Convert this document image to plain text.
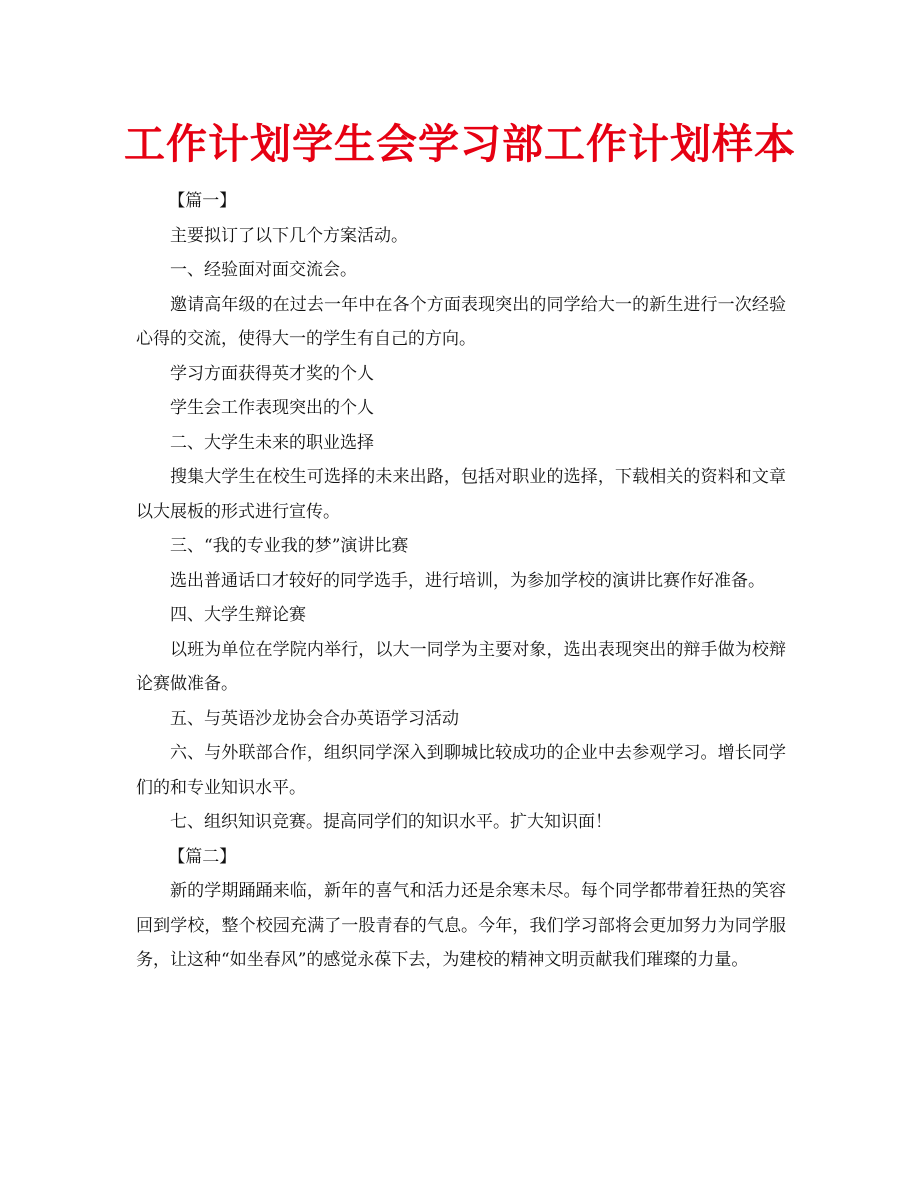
工作计划学生会学习部工作计划样本

【篇一】

主要拟订了以下几个方案活动。

一、经验面对面交流会。

邀请高年级的在过去一年中在各个方面表现突出的同学给大一的新生进行一次经验心得的交流，使得大一的学生有自己的方向。

学习方面获得英才奖的个人

学生会工作表现突出的个人

二、大学生未来的职业选择

搜集大学生在校生可选择的未来出路，包括对职业的选择，下载相关的资料和文章以大展板的形式进行宣传。

三、“我的专业我的梦”演讲比赛

选出普通话口才较好的同学选手，进行培训，为参加学校的演讲比赛作好准备。

四、大学生辩论赛

以班为单位在学院内举行，以大一同学为主要对象，选出表现突出的辩手做为校辩论赛做准备。

五、与英语沙龙协会合办英语学习活动

六、与外联部合作，组织同学深入到聊城比较成功的企业中去参观学习。增长同学们的和专业知识水平。

七、组织知识竞赛。提高同学们的知识水平。扩大知识面！

【篇二】

新的学期踊踊来临，新年的喜气和活力还是余寒未尽。每个同学都带着狂热的笑容回到学校，整个校园充满了一股青春的气息。今年，我们学习部将会更加努力为同学服务，让这种“如坐春风”的感觉永葆下去，为建校的精神文明贡献我们璀璨的力量。
